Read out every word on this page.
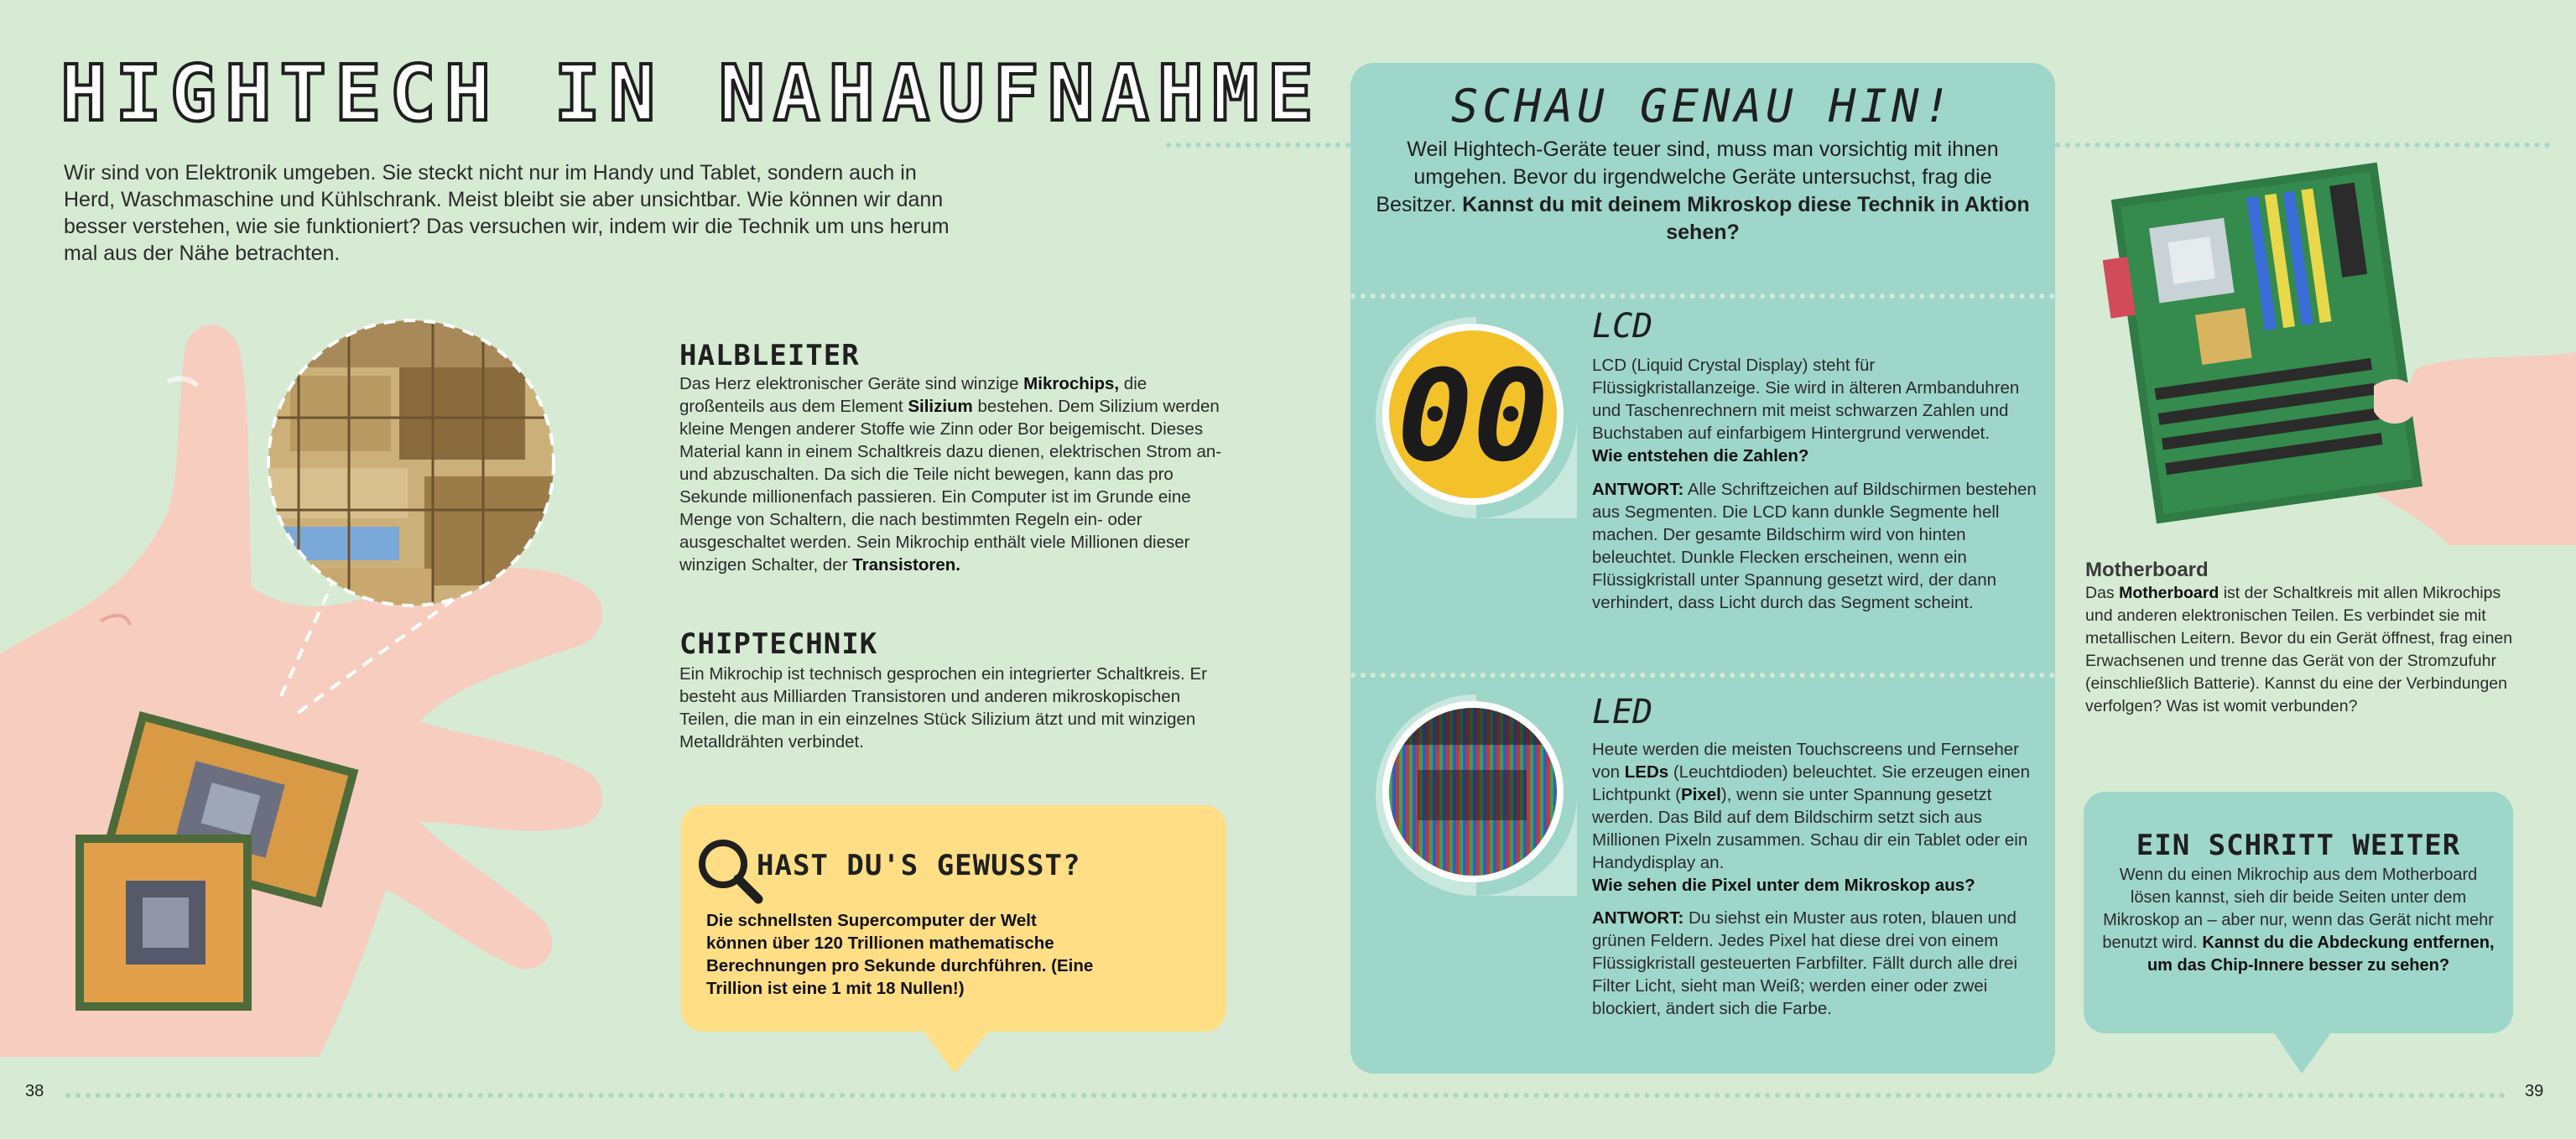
HIGHTECH IN NAHAUFNAHME
Wir sind von Elektronik umgeben. Sie steckt nicht nur im Handy und Tablet, sondern auch in Herd, Waschmaschine und Kühlschrank. Meist bleibt sie aber unsichtbar. Wie können wir dann besser verstehen, wie sie funktioniert? Das versuchen wir, indem wir die Technik um uns herum mal aus der Nähe betrachten.
HALBLEITER
Das Herz elektronischer Geräte sind winzige Mikrochips, die großenteils aus dem Element Silizium bestehen. Dem Silizium werden kleine Mengen anderer Stoffe wie Zinn oder Bor beigemischt. Dieses Material kann in einem Schaltkreis dazu dienen, elektrischen Strom an- und abzuschalten. Da sich die Teile nicht bewegen, kann das pro Sekunde millionenfach passieren. Ein Computer ist im Grunde eine Menge von Schaltern, die nach bestimmten Regeln ein- oder ausgeschaltet werden. Sein Mikrochip enthält viele Millionen dieser winzigen Schalter, der Transistoren.
CHIPTECHNIK
Ein Mikrochip ist technisch gesprochen ein integrierter Schaltkreis. Er besteht aus Milliarden Transistoren und anderen mikroskopischen Teilen, die man in ein einzelnes Stück Silizium ätzt und mit winzigen Metalldrähten verbindet.
HAST DU'S GEWUSST?
Die schnellsten Supercomputer der Welt können über 120 Trillionen mathematische Berechnungen pro Sekunde durchführen. (Eine Trillion ist eine 1 mit 18 Nullen!)
38
SCHAU GENAU HIN!
Weil Hightech-Geräte teuer sind, muss man vorsichtig mit ihnen umgehen. Bevor du irgendwelche Geräte untersuchst, frag die Besitzer. Kannst du mit deinem Mikroskop diese Technik in Aktion sehen?
00
LCD
LCD (Liquid Crystal Display) steht für Flüssigkristallanzeige. Sie wird in älteren Armbanduhren und Taschenrechnern mit meist schwarzen Zahlen und Buchstaben auf einfarbigem Hintergrund verwendet.
Wie entstehen die Zahlen?
ANTWORT: Alle Schriftzeichen auf Bildschirmen bestehen aus Segmenten. Die LCD kann dunkle Segmente hell machen. Der gesamte Bildschirm wird von hinten beleuchtet. Dunkle Flecken erscheinen, wenn ein Flüssigkristall unter Spannung gesetzt wird, der dann verhindert, dass Licht durch das Segment scheint.
LED
Heute werden die meisten Touchscreens und Fernseher von LEDs (Leuchtdioden) beleuchtet. Sie erzeugen einen Lichtpunkt (Pixel), wenn sie unter Spannung gesetzt werden. Das Bild auf dem Bildschirm setzt sich aus Millionen Pixeln zusammen. Schau dir ein Tablet oder ein Handydisplay an.
Wie sehen die Pixel unter dem Mikroskop aus?
ANTWORT: Du siehst ein Muster aus roten, blauen und grünen Feldern. Jedes Pixel hat diese drei von einem Flüssigkristall gesteuerten Farbfilter. Fällt durch alle drei Filter Licht, sieht man Weiß; werden einer oder zwei blockiert, ändert sich die Farbe.
Motherboard
Das Motherboard ist der Schaltkreis mit allen Mikrochips und anderen elektronischen Teilen. Es verbindet sie mit metallischen Leitern. Bevor du ein Gerät öffnest, frag einen Erwachsenen und trenne das Gerät von der Stromzufuhr (einschließlich Batterie). Kannst du eine der Verbindungen verfolgen? Was ist womit verbunden?
EIN SCHRITT WEITER
Wenn du einen Mikrochip aus dem Motherboard lösen kannst, sieh dir beide Seiten unter dem Mikroskop an – aber nur, wenn das Gerät nicht mehr benutzt wird. Kannst du die Abdeckung entfernen, um das Chip-Innere besser zu sehen?
39
